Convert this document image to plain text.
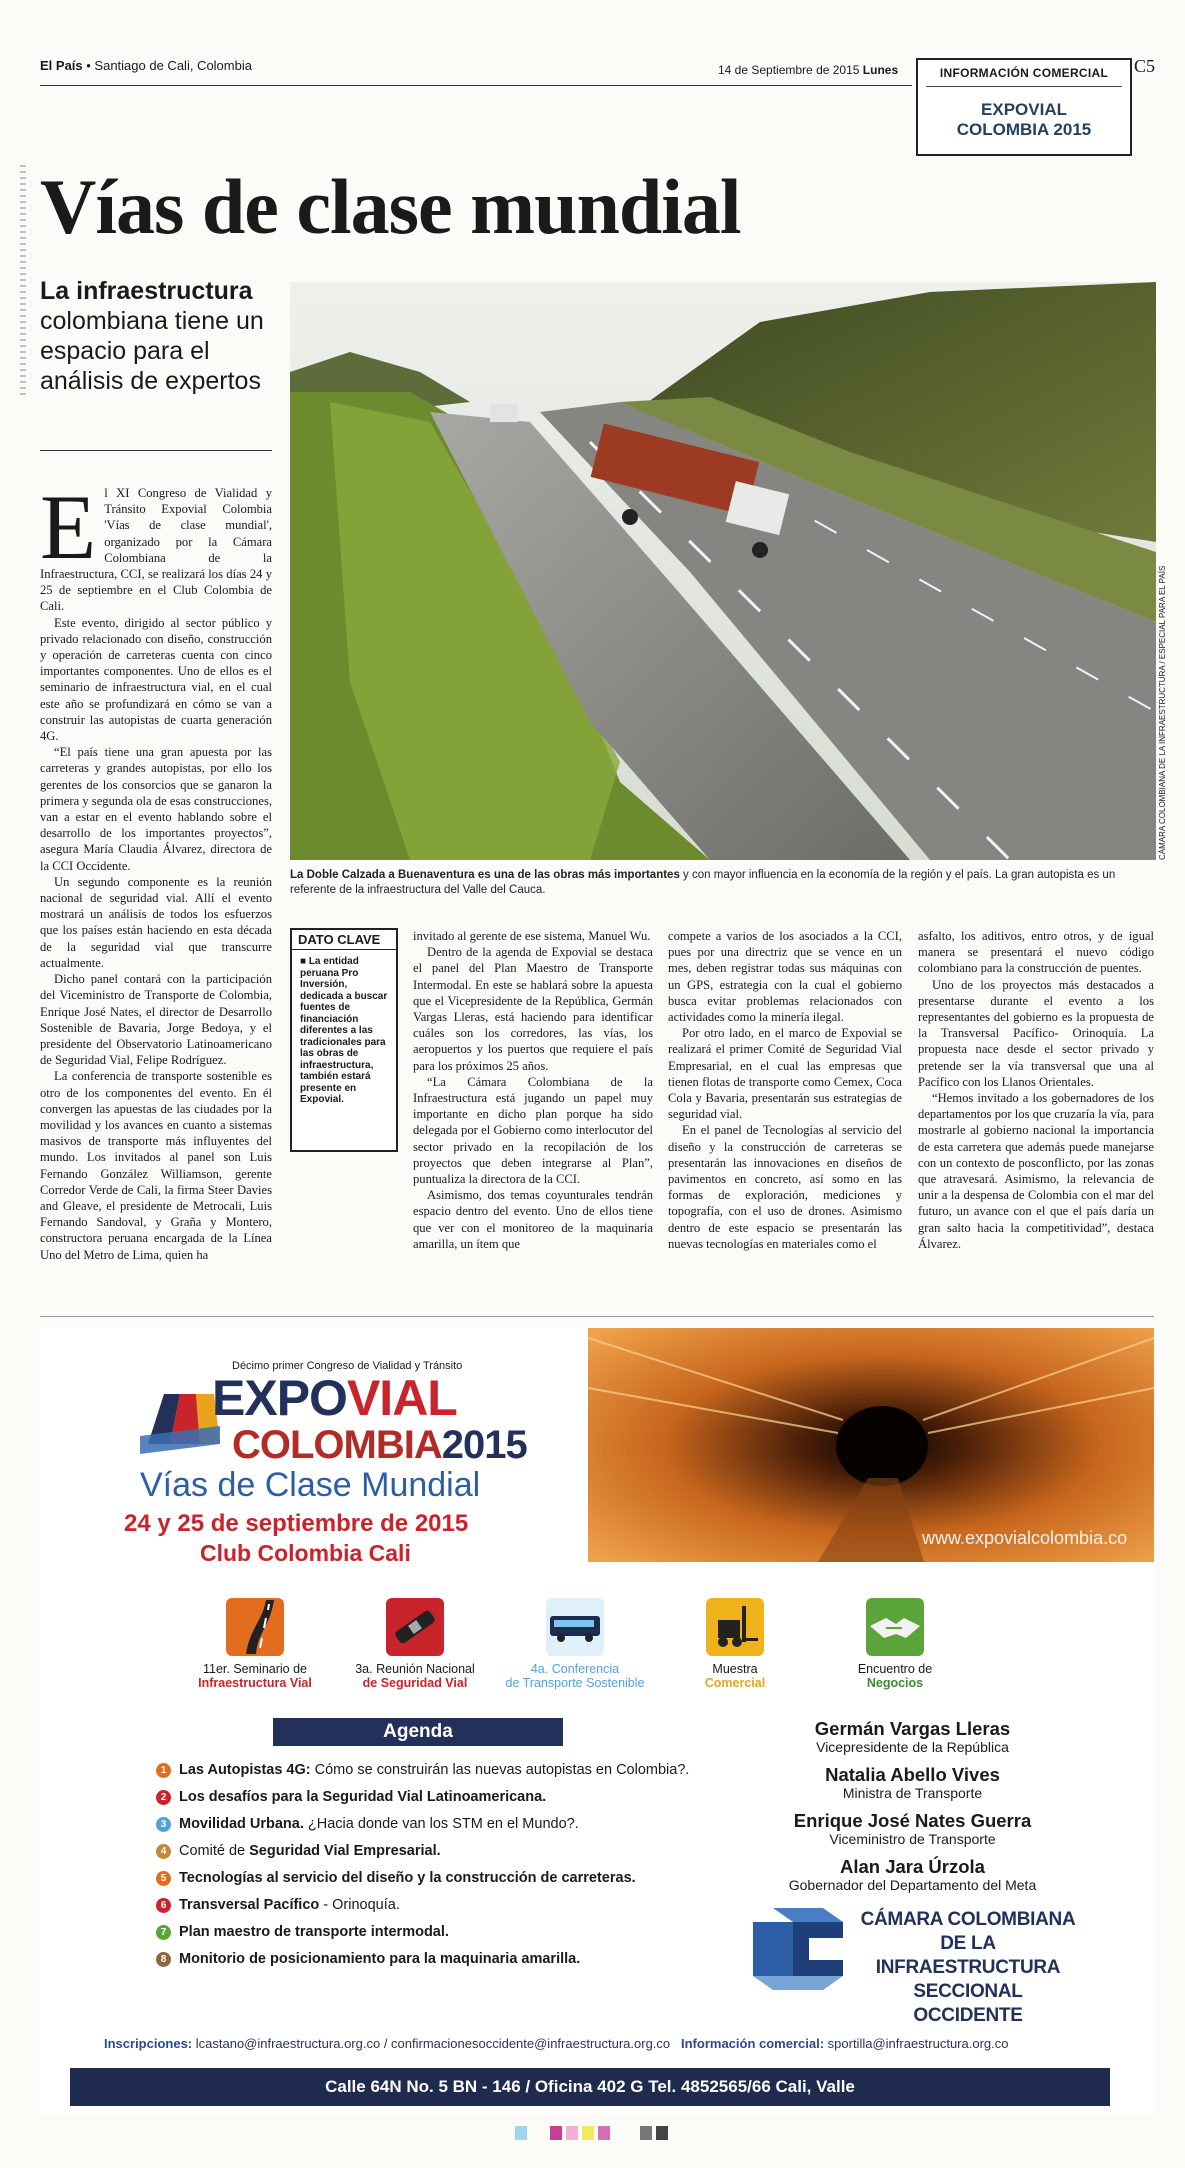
El País • Santiago de Cali, Colombia	14 de Septiembre de 2015 Lunes	INFORMACIÓN COMERCIAL
EXPOVIAL
COLOMBIA 2015
C5
Vías de clase mundial
La infraestructura colombiana tiene un espacio para el análisis de expertos
CÁMARA COLOMBIANA DE LA INFRAESTRUCTURA / ESPECIAL PARA EL PAÍS
La Doble Calzada a Buenaventura es una de las obras más importantes y con mayor influencia en la economía de la región y el país. La gran autopista es un referente de la infraestructura del Valle del Cauca.
E l XI Congreso de Vialidad y Tránsito Expovial Colombia 'Vías de clase mundial', organizado por la Cámara Colombiana de la Infraestructura, CCI, se realizará los días 24 y 25 de septiembre en el Club Colombia de Cali.

Este evento, dirigido al sector público y privado relacionado con diseño, construcción y operación de carreteras cuenta con cinco importantes componentes. Uno de ellos es el seminario de infraestructura vial, en el cual este año se profundizará en cómo se van a construir las autopistas de cuarta generación 4G.

“El país tiene una gran apuesta por las carreteras y grandes autopistas, por ello los gerentes de los consorcios que se ganaron la primera y segunda ola de esas construcciones, van a estar en el evento hablando sobre el desarrollo de los importantes proyectos”, asegura María Claudia Álvarez, directora de la CCI Occidente.

Un segundo componente es la reunión nacional de seguridad vial. Allí el evento mostrará un análisis de todos los esfuerzos que los países están haciendo en esta década de la seguridad vial que transcurre actualmente.

Dicho panel contará con la participación del Viceministro de Transporte de Colombia, Enrique José Nates, el director de Desarrollo Sostenible de Bavaria, Jorge Bedoya, y el presidente del Observatorio Latinoamericano de Seguridad Vial, Felipe Rodríguez.

La conferencia de transporte sostenible es otro de los componentes del evento. En él convergen las apuestas de las ciudades por la movilidad y los avances en cuanto a sistemas masivos de transporte más influyentes del mundo. Los invitados al panel son Luis Fernando González Williamson, gerente Corredor Verde de Cali, la firma Steer Davies and Gleave, el presidente de Metrocali, Luis Fernando Sandoval, y Graña y Montero, constructora peruana encargada de la Línea Uno del Metro de Lima, quien ha

DATO CLAVE
■ La entidad peruana Pro Inversión, dedicada a buscar fuentes de financiación diferentes a las tradicionales para las obras de infraestructura, también estará presente en Expovial.

invitado al gerente de ese sistema, Manuel Wu.

Dentro de la agenda de Expovial se destaca el panel del Plan Maestro de Transporte Intermodal. En este se hablará sobre la apuesta que el Vicepresidente de la República, Germán Vargas Lleras, está haciendo para identificar cuáles son los corredores, las vías, los aeropuertos y los puertos que requiere el país para los próximos 25 años.

“La Cámara Colombiana de la Infraestructura está jugando un papel muy importante en dicho plan porque ha sido delegada por el Gobierno como interlocutor del sector privado en la recopilación de los proyectos que deben integrarse al Plan”, puntualiza la directora de la CCI.

Asimismo, dos temas coyunturales tendrán espacio dentro del evento. Uno de ellos tiene que ver con el monitoreo de la maquinaria amarilla, un ítem que

compete a varios de los asociados a la CCI, pues por una directriz que se vence en un mes, deben registrar todas sus máquinas con un GPS, estrategia con la cual el gobierno busca evitar problemas relacionados con actividades como la minería ilegal.

Por otro lado, en el marco de Expovial se realizará el primer Comité de Seguridad Vial Empresarial, en el cual las empresas que tienen flotas de transporte como Cemex, Coca Cola y Bavaria, presentarán sus estrategias de seguridad vial.

En el panel de Tecnologías al servicio del diseño y la construcción de carreteras se presentarán las innovaciones en diseños de pavimentos en concreto, así somo en las formas de exploración, mediciones y topografía, con el uso de drones. Asimismo dentro de este espacio se presentarán las nuevas tecnologías en materiales como el

asfalto, los aditivos, entro otros, y de igual manera se presentará el nuevo código colombiano para la construcción de puentes.

Uno de los proyectos más destacados a presentarse durante el evento a los representantes del gobierno es la propuesta de la Transversal Pacífico- Orinoquía. La propuesta nace desde el sector privado y pretende ser la vía transversal que una al Pacífico con los Llanos Orientales.

“Hemos invitado a los gobernadores de los departamentos por los que cruzaría la vía, para mostrarle al gobierno nacional la importancia de esta carretera que además puede manejarse con un contexto de posconflicto, por las zonas que atravesará. Asimismo, la relevancia de unir a la despensa de Colombia con el mar del futuro, un avance con el que el país daría un gran salto hacia la competitividad”, destaca Álvarez.

www.expovialcolombia.co
Décimo primer Congreso de Vialidad y Tránsito
EXPOVIAL
COLOMBIA2015
Vías de Clase Mundial
24 y 25 de septiembre de 2015
Club Colombia Cali
11er. Seminario de
Infraestructura Vial
3a. Reunión Nacional
de Seguridad Vial
4a. Conferencia
de Transporte Sostenible
Muestra
Comercial
Encuentro de
Negocios
Agenda
1 Las Autopistas 4G: Cómo se construirán las nuevas autopistas en Colombia?.
2 Los desafíos para la Seguridad Vial Latinoamericana.
3 Movilidad Urbana. ¿Hacia donde van los STM en el Mundo?.
4 Comité de Seguridad Vial Empresarial.
5 Tecnologías al servicio del diseño y la construcción de carreteras.
6 Transversal Pacífico - Orinoquía.
7 Plan maestro de transporte intermodal.
8 Monitorio de posicionamiento para la maquinaria amarilla.
Germán Vargas Lleras
Vicepresidente de la República
Natalia Abello Vives
Ministra de Transporte
Enrique José Nates Guerra
Viceministro de Transporte
Alan Jara Úrzola
Gobernador del Departamento del Meta
CÁMARA COLOMBIANA
DE LA INFRAESTRUCTURA
SECCIONAL OCCIDENTE
Inscripciones: lcastano@infraestructura.org.co / confirmacionesoccidente@infraestructura.org.co Información comercial: sportilla@infraestructura.org.co
Calle 64N No. 5 BN - 146 / Oficina 402 G Tel. 4852565/66 Cali, Valle
